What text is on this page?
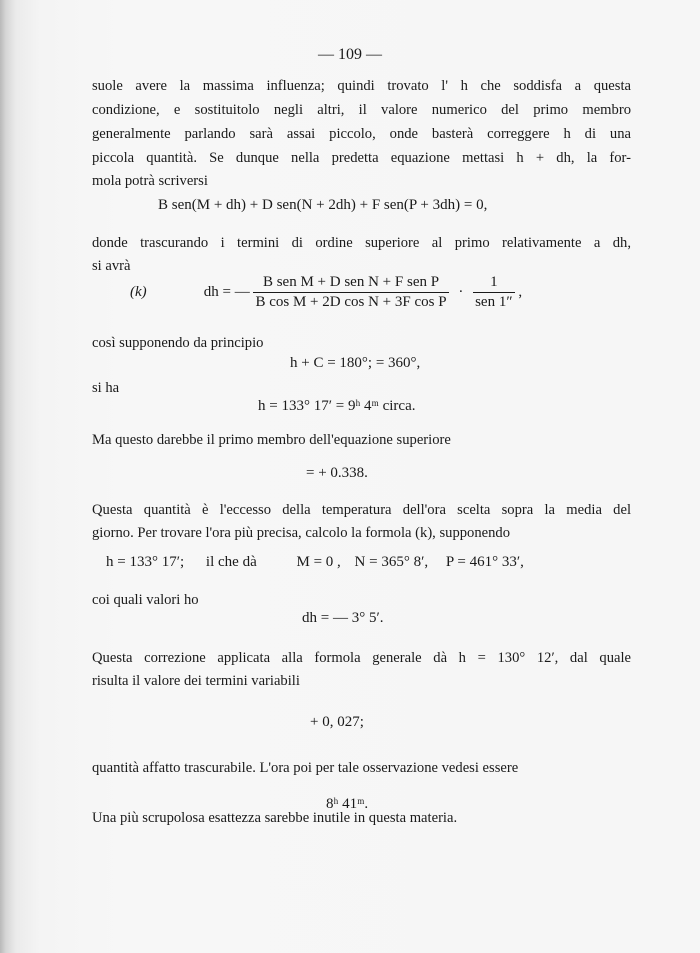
— 109 —
suole avere la massima influenza; quindi trovato l' h che soddisfa a questa
condizione, e sostituitolo negli altri, il valore numerico del primo membro
generalmente parlando sarà assai piccolo, onde basterà correggere h di una
piccola quantità. Se dunque nella predetta equazione mettasi h + dh, la for-
mola potrà scriversi
B sen(M + dh) + D sen(N + 2dh) + F sen(P + 3dh) = 0,
donde trascurando i termini di ordine superiore al primo relativamente a dh,
si avrà
(k)	dh = — $\frac{\text{B sen M + D sen N + F sen P}}{\text{B cos M + 2D cos N + 3F cos P}} \cdot \frac{1}{\text{sen 1″}}$ ,
così supponendo da principio
h + C = 180°; = 360°,
si ha
h = 133° 17′ = 9ʰ 4ᵐ circa.
Ma questo darebbe il primo membro dell'equazione superiore
= + 0.338.
Questa quantità è l'eccesso della temperatura dell'ora scelta sopra la media del
giorno. Per trovare l'ora più precisa, calcolo la formola (k), supponendo
h = 133° 17′; il che dà	M = 0 , N = 365° 8′, P = 461° 33′,
coi quali valori ho
dh = — 3° 5′.
Questa correzione applicata alla formola generale dà h = 130° 12′, dal quale
risulta il valore dei termini variabili
+ 0, 027;
quantità affatto trascurabile. L'ora poi per tale osservazione vedesi essere
8ʰ 41ᵐ.
Una più scrupolosa esattezza sarebbe inutile in questa materia.
